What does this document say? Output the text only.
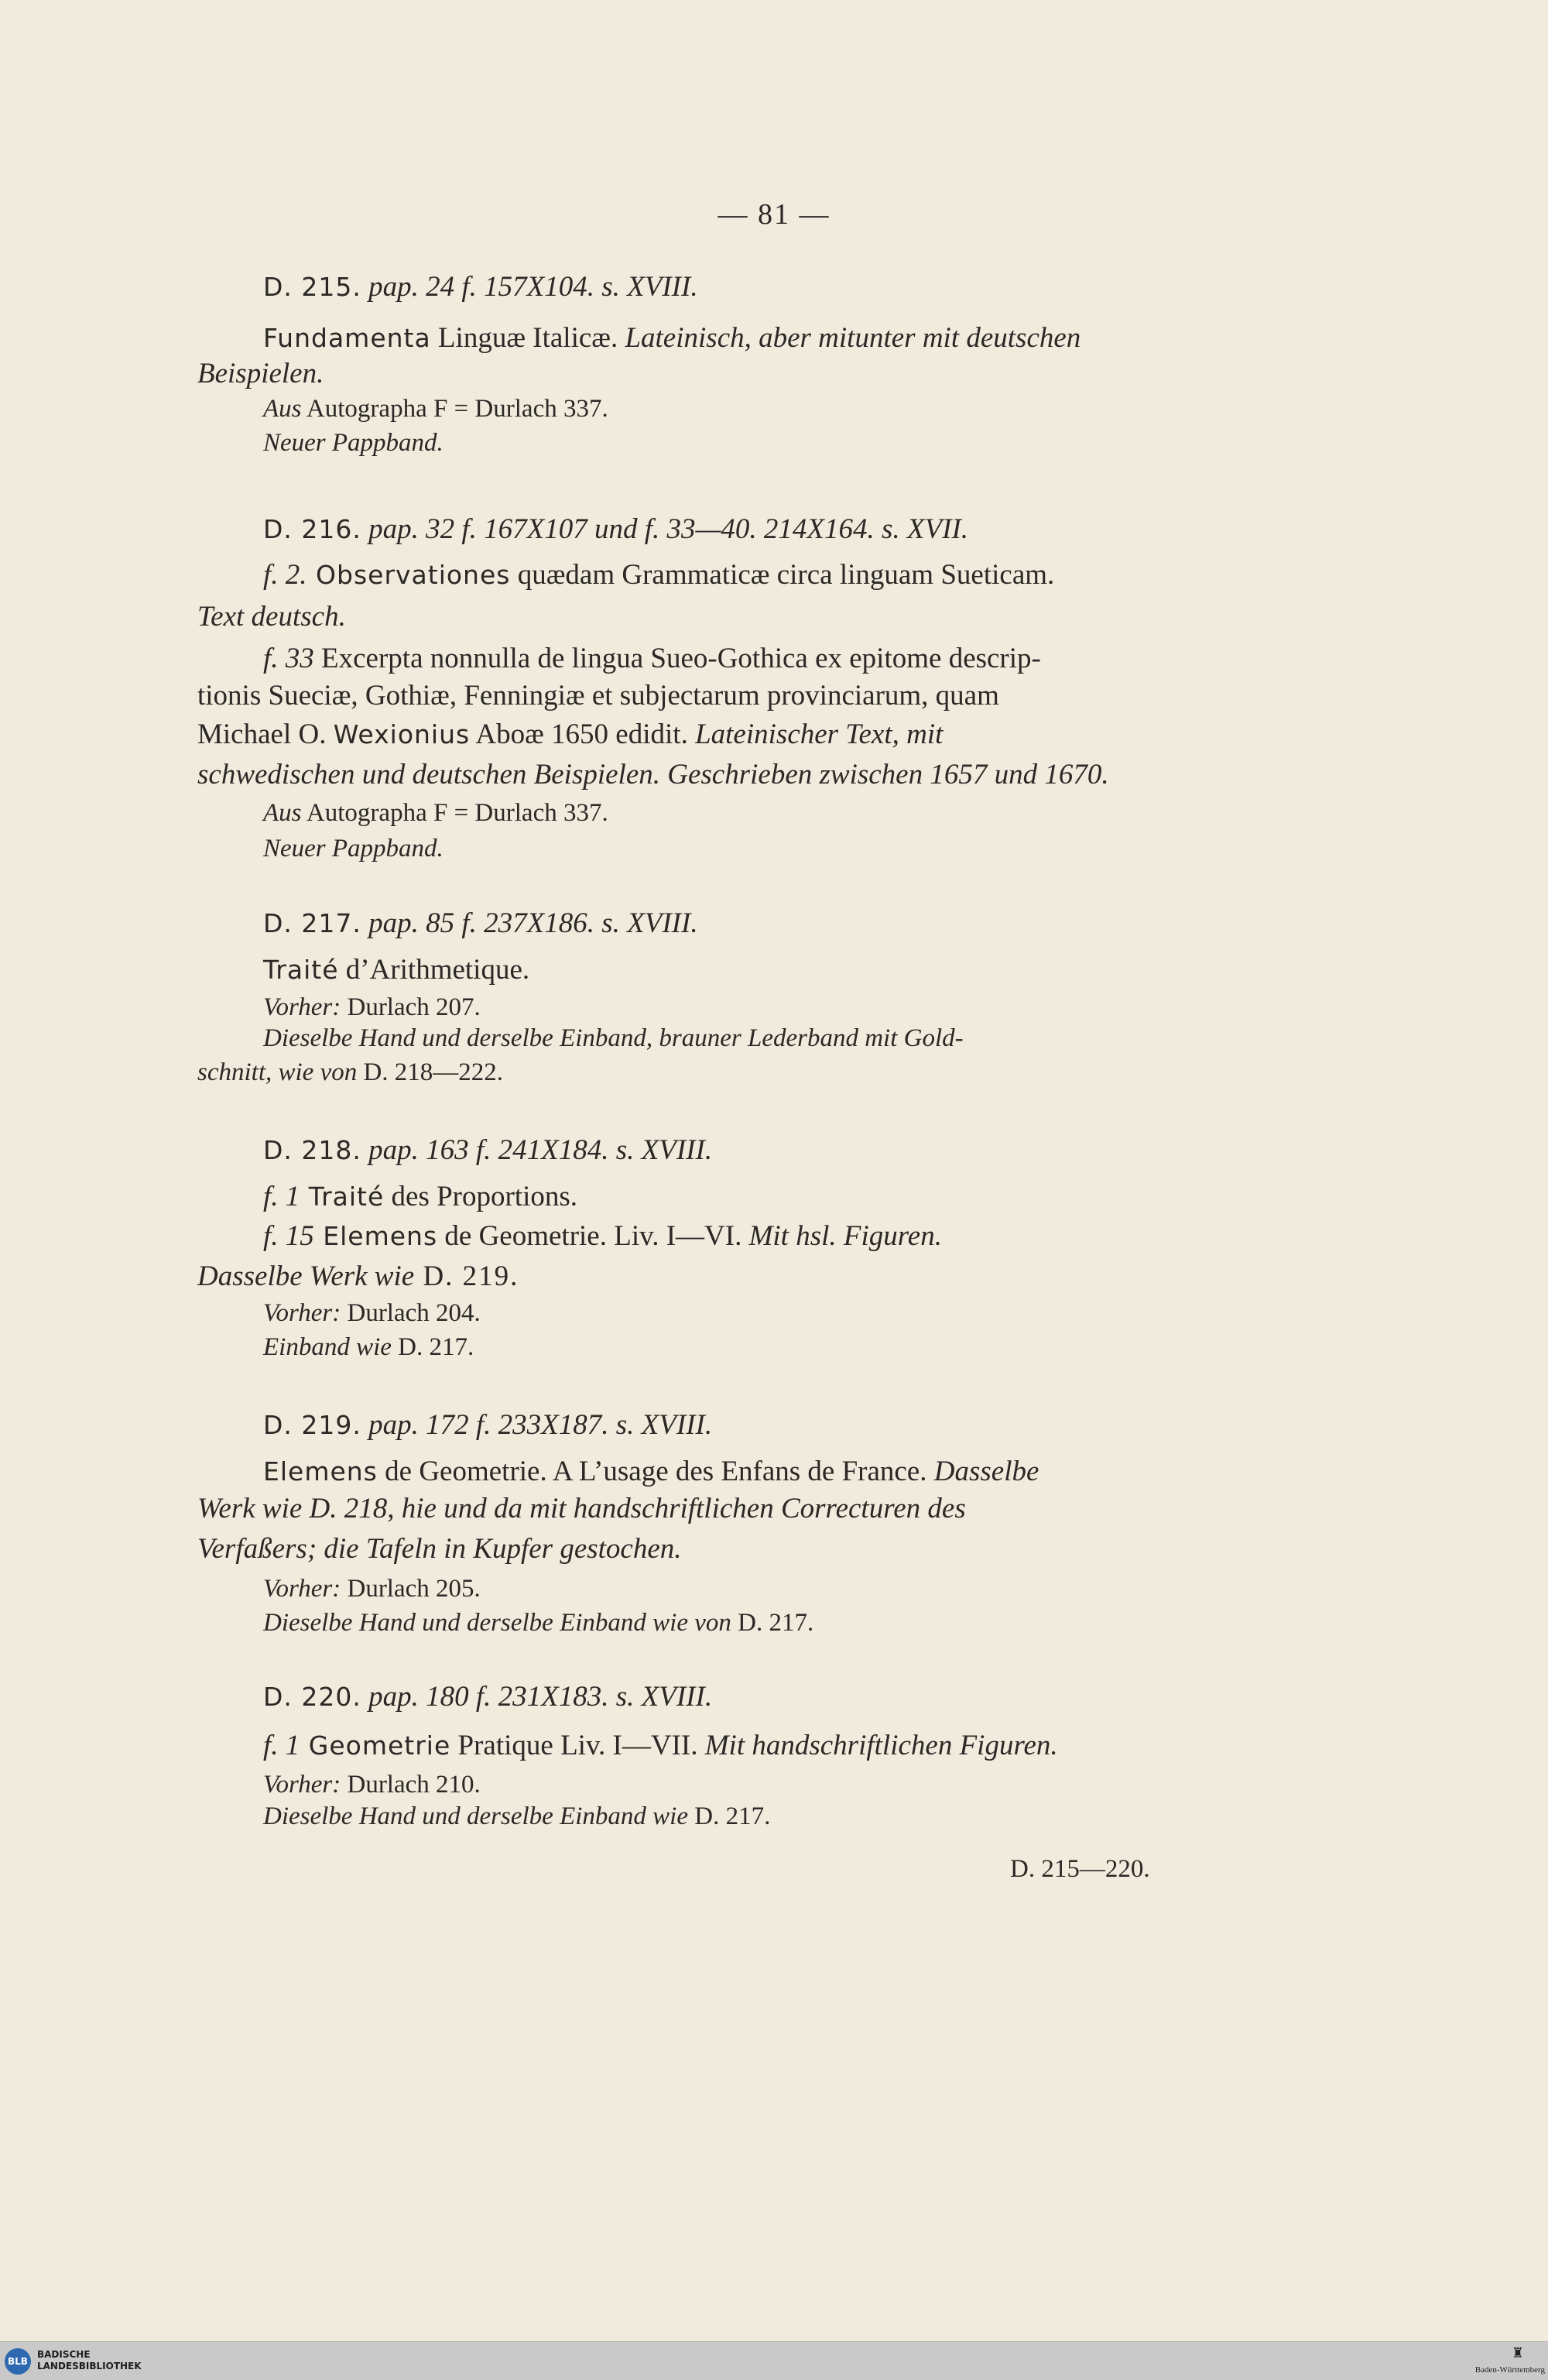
— 81 —
D. 215. pap. 24 f. 157X104. s. XVIII.
Fundamenta Linguæ Italicæ. Lateinisch, aber mitunter mit deutschen
Beispielen.
Aus Autographa F = Durlach 337.
Neuer Pappband.
D. 216. pap. 32 f. 167X107 und f. 33—40. 214X164. s. XVII.
f. 2. Observationes quædam Grammaticæ circa linguam Sueticam.
Text deutsch.
f. 33 Excerpta nonnulla de lingua Sueo-Gothica ex epitome descrip-
tionis Sueciæ, Gothiæ, Fenningiæ et subjectarum provinciarum, quam
Michael O. Wexionius Aboæ 1650 edidit. Lateinischer Text, mit
schwedischen und deutschen Beispielen. Geschrieben zwischen 1657 und 1670.
Aus Autographa F = Durlach 337.
Neuer Pappband.
D. 217. pap. 85 f. 237X186. s. XVIII.
Traité d’Arithmetique.
Vorher: Durlach 207.
Dieselbe Hand und derselbe Einband, brauner Lederband mit Gold-
schnitt, wie von D. 218—222.
D. 218. pap. 163 f. 241X184. s. XVIII.
f. 1 Traité des Proportions.
f. 15 Elemens de Geometrie. Liv. I—VI. Mit hsl. Figuren.
Dasselbe Werk wie D. 219.
Vorher: Durlach 204.
Einband wie D. 217.
D. 219. pap. 172 f. 233X187. s. XVIII.
Elemens de Geometrie. A L’usage des Enfans de France. Dasselbe
Werk wie D. 218, hie und da mit handschriftlichen Correcturen des
Verfaßers; die Tafeln in Kupfer gestochen.
Vorher: Durlach 205.
Dieselbe Hand und derselbe Einband wie von D. 217.
D. 220. pap. 180 f. 231X183. s. XVIII.
f. 1 Geometrie Pratique Liv. I—VII. Mit handschriftlichen Figuren.
Vorher: Durlach 210.
Dieselbe Hand und derselbe Einband wie D. 217.
D. 215—220.
BLB
BADISCHE
LANDESBIBLIOTHEK
♜
Baden-Württemberg
